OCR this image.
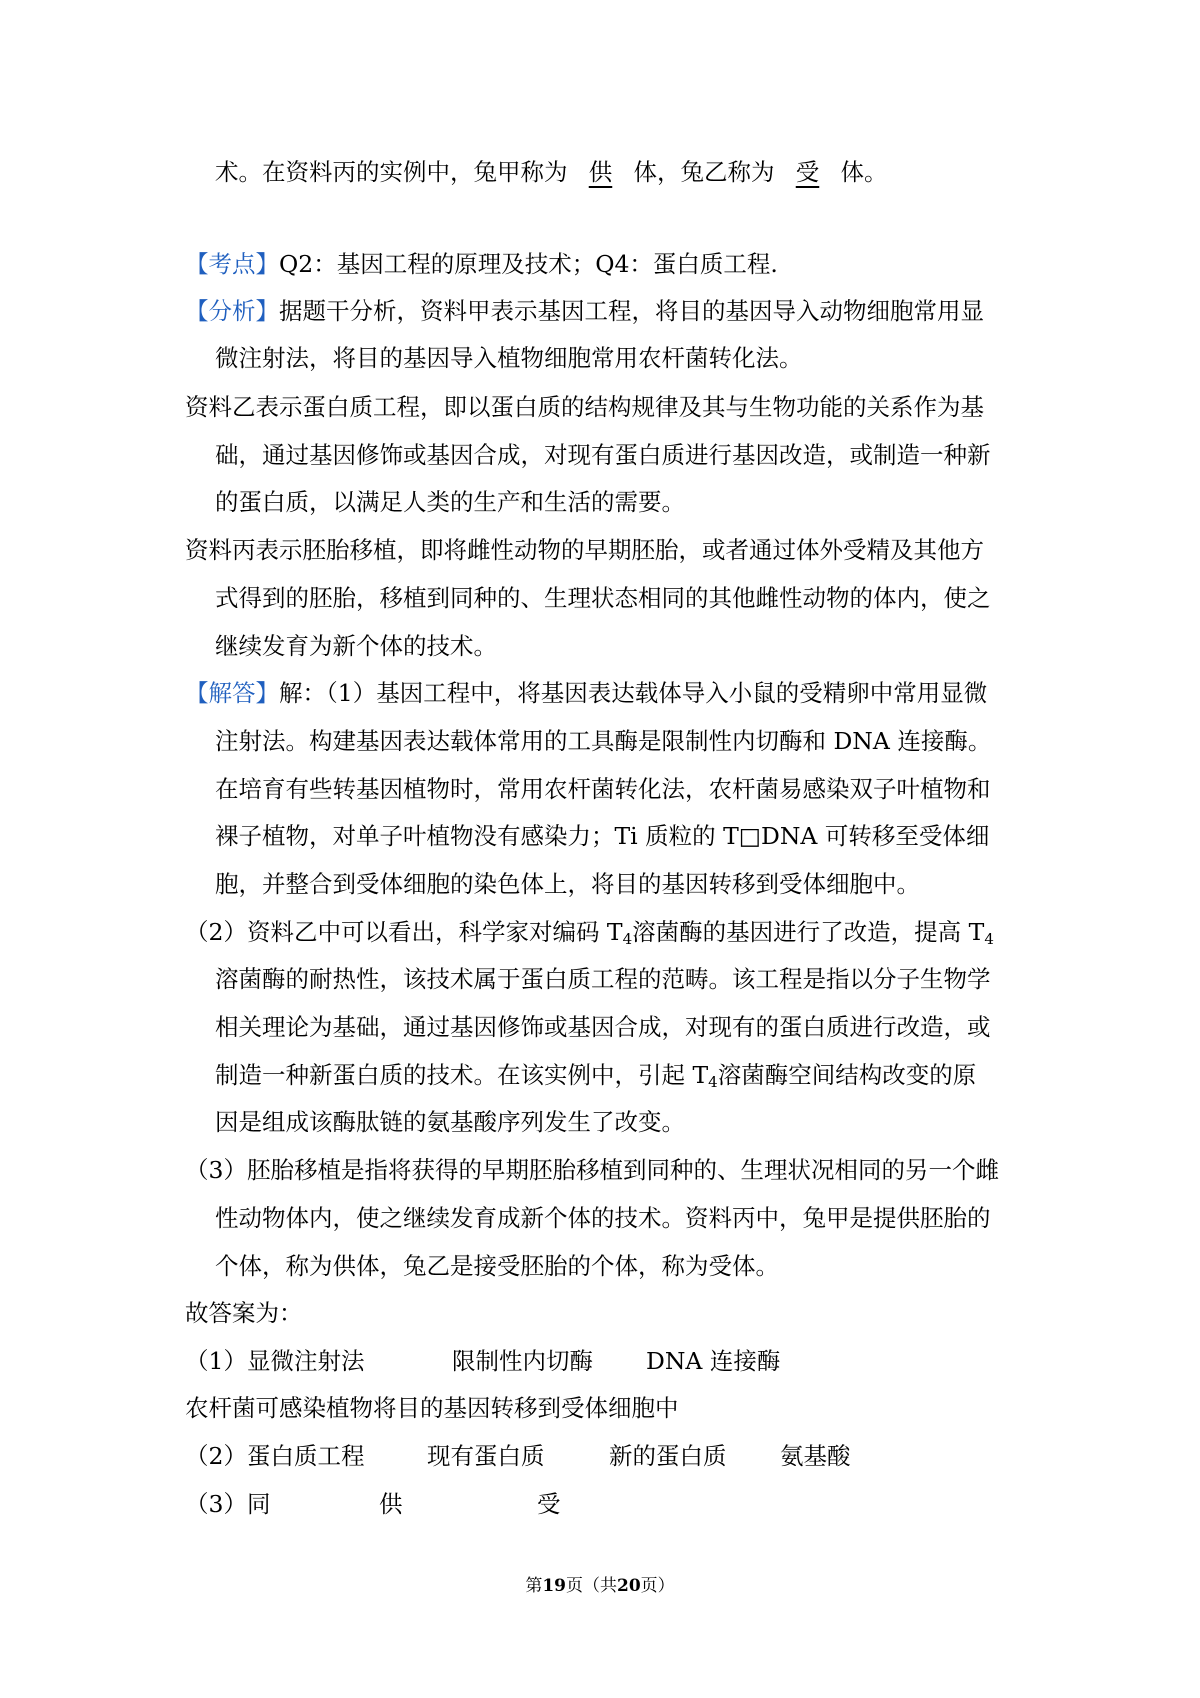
术。在资料丙的实例中，兔甲称为 供 体，兔乙称为 受 体。
【考点】Q2：基因工程的原理及技术；Q4：蛋白质工程.
【分析】据题干分析，资料甲表示基因工程，将目的基因导入动物细胞常用显
微注射法，将目的基因导入植物细胞常用农杆菌转化法。
资料乙表示蛋白质工程，即以蛋白质的结构规律及其与生物功能的关系作为基
础，通过基因修饰或基因合成，对现有蛋白质进行基因改造，或制造一种新
的蛋白质，以满足人类的生产和生活的需要。
资料丙表示胚胎移植，即将雌性动物的早期胚胎，或者通过体外受精及其他方
式得到的胚胎，移植到同种的、生理状态相同的其他雌性动物的体内，使之
继续发育为新个体的技术。
【解答】解：（1）基因工程中，将基因表达载体导入小鼠的受精卵中常用显微
注射法。构建基因表达载体常用的工具酶是限制性内切酶和 DNA 连接酶。
在培育有些转基因植物时，常用农杆菌转化法，农杆菌易感染双子叶植物和
裸子植物，对单子叶植物没有感染力；Ti 质粒的 T□DNA 可转移至受体细
胞，并整合到受体细胞的染色体上，将目的基因转移到受体细胞中。
（2）资料乙中可以看出，科学家对编码 $T_4$溶菌酶的基因进行了改造，提高 $T_4$
溶菌酶的耐热性，该技术属于蛋白质工程的范畴。该工程是指以分子生物学
相关理论为基础，通过基因修饰或基因合成，对现有的蛋白质进行改造，或
制造一种新蛋白质的技术。在该实例中，引起 $T_4$溶菌酶空间结构改变的原
因是组成该酶肽链的氨基酸序列发生了改变。
（3）胚胎移植是指将获得的早期胚胎移植到同种的、生理状况相同的另一个雌
性动物体内，使之继续发育成新个体的技术。资料丙中，兔甲是提供胚胎的
个体，称为供体，兔乙是接受胚胎的个体，称为受体。
故答案为：
（1）显微注射法	限制性内切酶 DNA 连接酶
农杆菌可感染植物将目的基因转移到受体细胞中
（2）蛋白质工程	现有蛋白质	新的蛋白质 氨基酸
（3）同	供	受
第19页（共20页）
